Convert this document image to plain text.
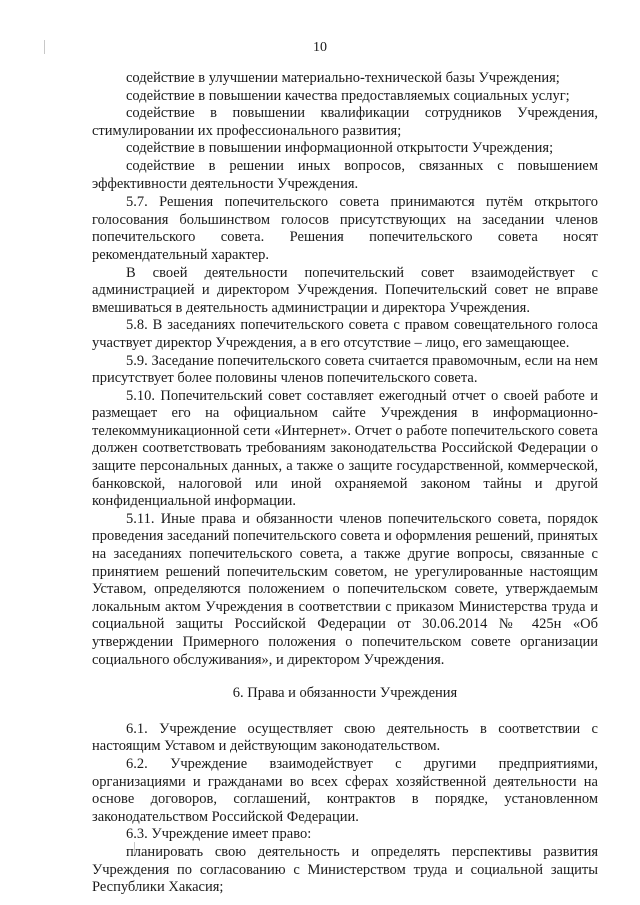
10

содействие в улучшении материально-технической базы Учреждения;

содействие в повышении качества предоставляемых социальных услуг;

содействие в повышении квалификации сотрудников Учреждения, стимулировании их профессионального развития;

содействие в повышении информационной открытости Учреждения;

содействие в решении иных вопросов, связанных с повышением эффективности деятельности Учреждения.

5.7. Решения попечительского совета принимаются путём открытого голосования большинством голосов присутствующих на заседании членов попечительского совета. Решения попечительского совета носят рекомендательный характер.

В своей деятельности попечительский совет взаимодействует с администрацией и директором Учреждения. Попечительский совет не вправе вмешиваться в деятельность администрации и директора Учреждения.

5.8. В заседаниях попечительского совета с правом совещательного голоса участвует директор Учреждения, а в его отсутствие – лицо, его замещающее.

5.9. Заседание попечительского совета считается правомочным, если на нем присутствует более половины членов попечительского совета.

5.10. Попечительский совет составляет ежегодный отчет о своей работе и размещает его на официальном сайте Учреждения в информационно-телекоммуникационной сети «Интернет». Отчет о работе попечительского совета должен соответствовать требованиям законодательства Российской Федерации о защите персональных данных, а также о защите государственной, коммерческой, банковской, налоговой или иной охраняемой законом тайны и другой конфиденциальной информации.

5.11. Иные права и обязанности членов попечительского совета, порядок проведения заседаний попечительского совета и оформления решений, принятых на заседаниях попечительского совета, а также другие вопросы, связанные с принятием решений попечительским советом, не урегулированные настоящим Уставом, определяются положением о попечительском совете, утверждаемым локальным актом Учреждения в соответствии с приказом Министерства труда и социальной защиты Российской Федерации от 30.06.2014 № 425н «Об утверждении Примерного положения о попечительском совете организации социального обслуживания», и директором Учреждения.

6. Права и обязанности Учреждения

6.1. Учреждение осуществляет свою деятельность в соответствии с настоящим Уставом и действующим законодательством.

6.2. Учреждение взаимодействует с другими предприятиями, организациями и гражданами во всех сферах хозяйственной деятельности на основе договоров, соглашений, контрактов в порядке, установленном законодательством Российской Федерации.

6.3. Учреждение имеет право:

планировать свою деятельность и определять перспективы развития Учреждения по согласованию с Министерством труда и социальной защиты Республики Хакасия;
